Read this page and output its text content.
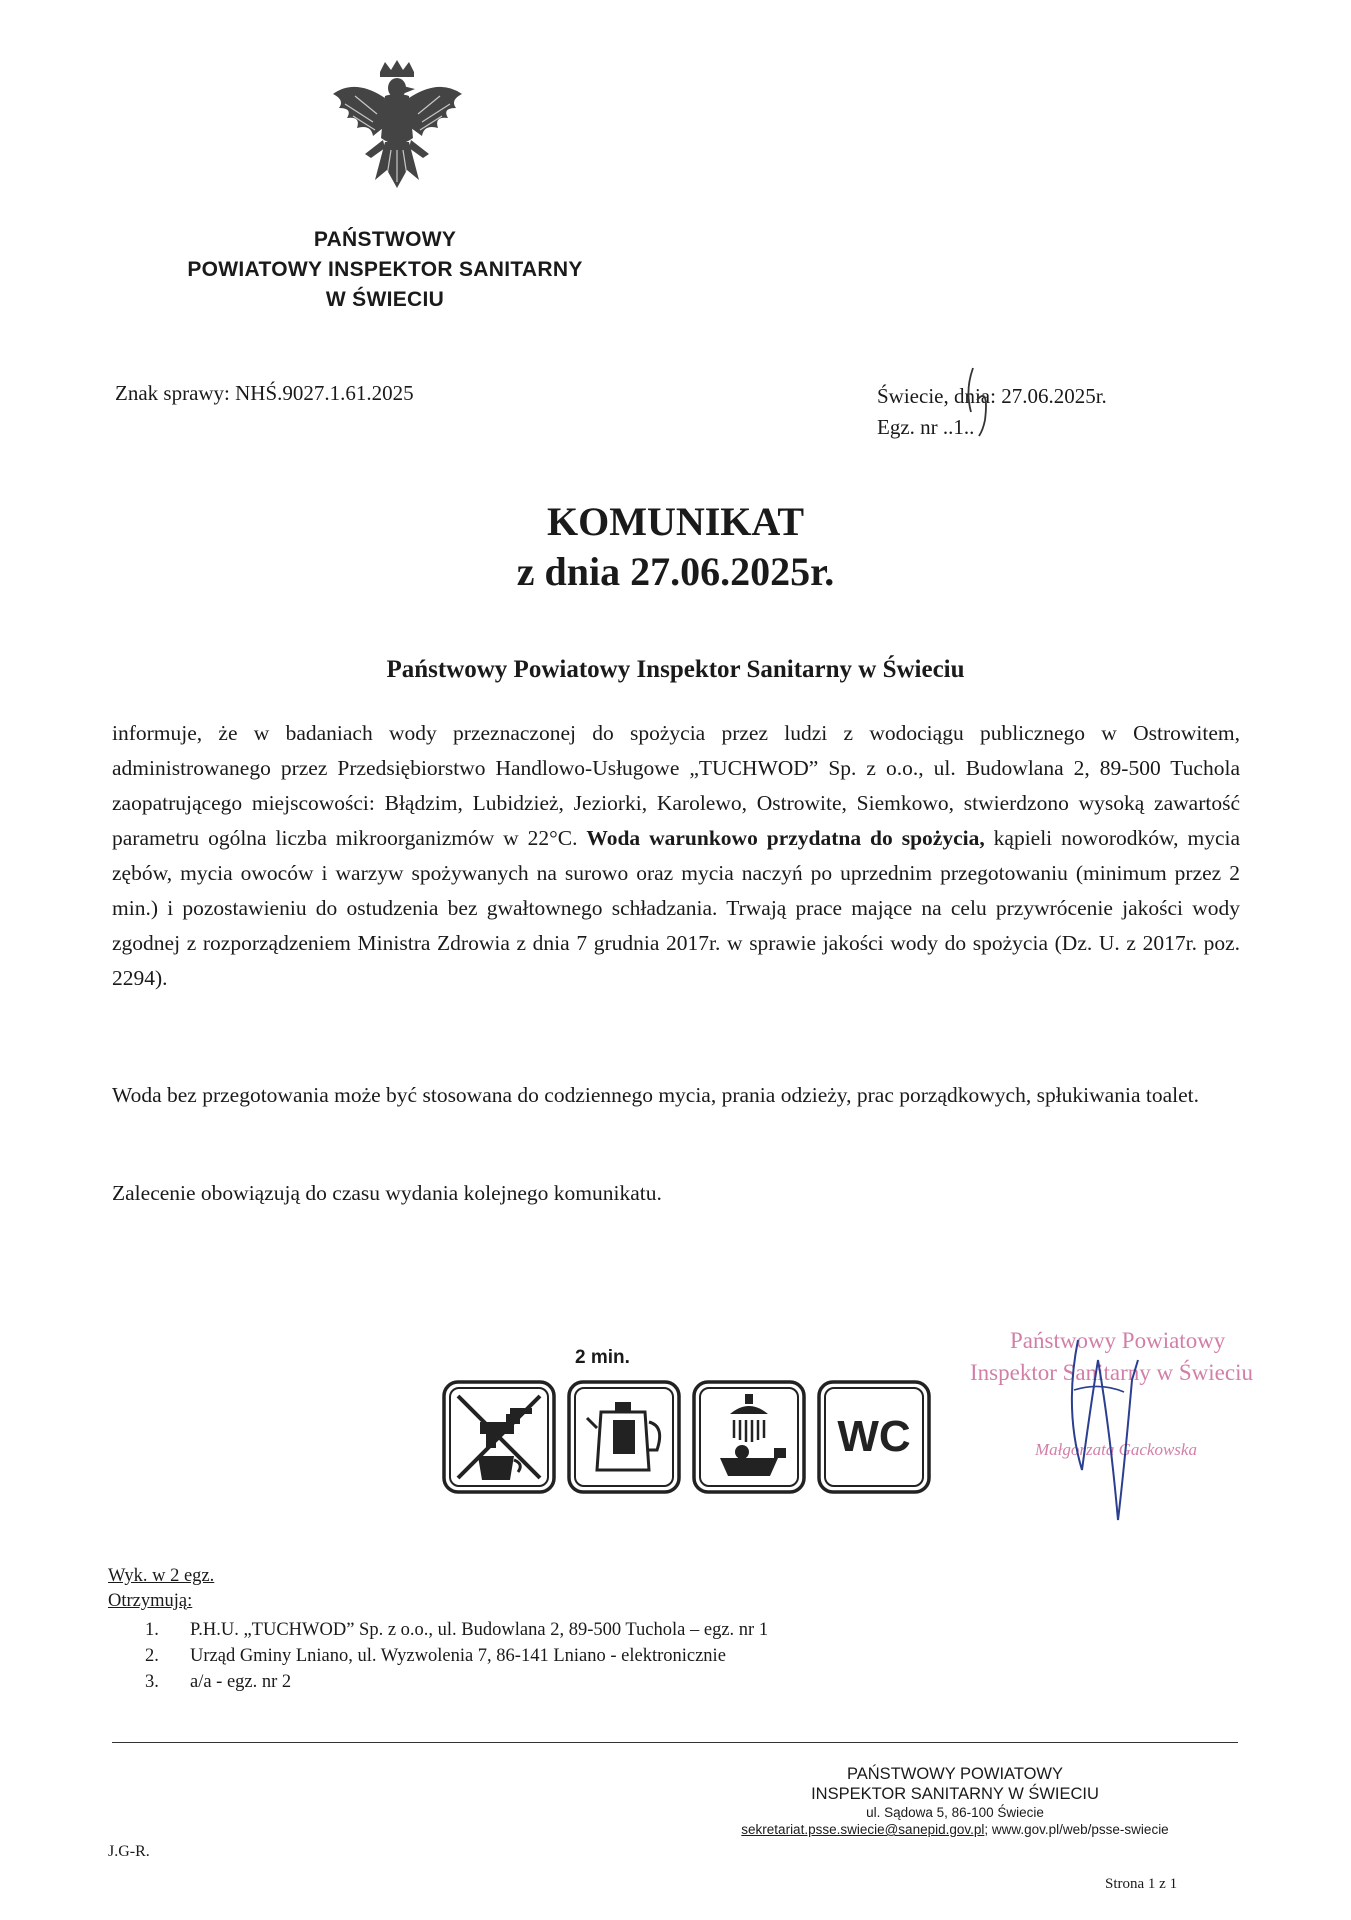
PAŃSTWOWY
POWIATOWY INSPEKTOR SANITARNY
W ŚWIECIU
Znak sprawy: NHŚ.9027.1.61.2025	Świecie, dnia: 27.06.2025r.
Egz. nr ..1..
KOMUNIKAT
z dnia 27.06.2025r.
Państwowy Powiatowy Inspektor Sanitarny w Świeciu
informuje, że w badaniach wody przeznaczonej do spożycia przez ludzi z wodociągu publicznego w Ostrowitem, administrowanego przez Przedsiębiorstwo Handlowo-Usługowe „TUCHWOD” Sp. z o.o., ul. Budowlana 2, 89-500 Tuchola zaopatrującego miejscowości: Błądzim, Lubidzież, Jeziorki, Karolewo, Ostrowite, Siemkowo, stwierdzono wysoką zawartość parametru ogólna liczba mikroorganizmów w 22°C. Woda warunkowo przydatna do spożycia, kąpieli noworodków, mycia zębów, mycia owoców i warzyw spożywanych na surowo oraz mycia naczyń po uprzednim przegotowaniu (minimum przez 2 min.) i pozostawieniu do ostudzenia bez gwałtownego schładzania. Trwają prace mające na celu przywrócenie jakości wody zgodnej z rozporządzeniem Ministra Zdrowia z dnia 7 grudnia 2017r. w sprawie jakości wody do spożycia (Dz. U. z 2017r. poz. 2294).
Woda bez przegotowania może być stosowana do codziennego mycia, prania odzieży, prac porządkowych, spłukiwania toalet.
Zalecenie obowiązują do czasu wydania kolejnego komunikatu.
2 min.
WC
Państwowy Powiatowy
Inspektor Sanitarny w Świeciu
Małgorzata Gackowska
Wyk. w 2 egz.
Otrzymują:
1. P.H.U. „TUCHWOD” Sp. z o.o., ul. Budowlana 2, 89-500 Tuchola – egz. nr 1
2. Urząd Gminy Lniano, ul. Wyzwolenia 7, 86-141 Lniano - elektronicznie
3. a/a - egz. nr 2
PAŃSTWOWY POWIATOWY
INSPEKTOR SANITARNY W ŚWIECIU
ul. Sądowa 5, 86-100 Świecie
sekretariat.psse.swiecie@sanepid.gov.pl; www.gov.pl/web/psse-swiecie
J.G-R.
Strona 1 z 1
